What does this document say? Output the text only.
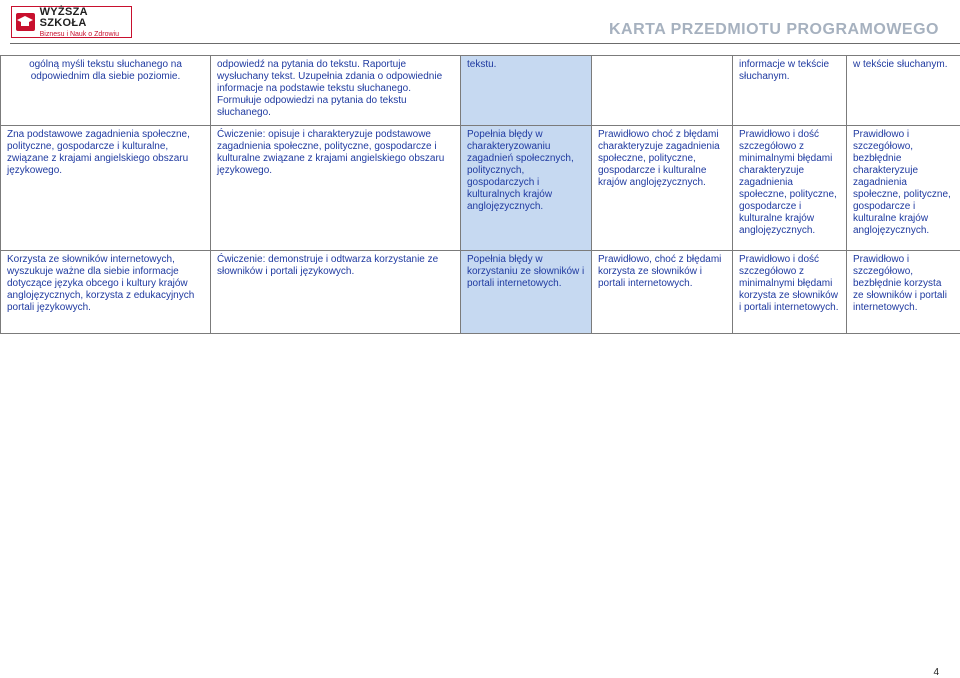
WYŻSZA SZKOŁA
Biznesu i Nauk o Zdrowiu	KARTA PRZEDMIOTU PROGRAMOWEGO
ogólną myśli tekstu słuchanego na odpowiednim dla siebie poziomie.	odpowiedź na pytania do tekstu. Raportuje wysłuchany tekst. Uzupełnia zdania o odpowiednie informacje na podstawie tekstu słuchanego. Formułuje odpowiedzi na pytania do tekstu słuchanego.	tekstu.		informacje w tekście słuchanym.	w tekście słuchanym.
Zna podstawowe zagadnienia społeczne, polityczne, gospodarcze i kulturalne, związane z krajami angielskiego obszaru językowego.	Ćwiczenie: opisuje i charakteryzuje podstawowe zagadnienia społeczne, polityczne, gospodarcze i kulturalne związane z krajami angielskiego obszaru językowego.	Popełnia błędy w charakteryzowaniu zagadnień społecznych, politycznych, gospodarczych i kulturalnych krajów anglojęzycznych.	Prawidłowo choć z błędami charakteryzuje zagadnienia społeczne, polityczne, gospodarcze i kulturalne krajów anglojęzycznych.	Prawidłowo i dość szczegółowo z minimalnymi błędami charakteryzuje zagadnienia społeczne, polityczne, gospodarcze i kulturalne krajów anglojęzycznych.	Prawidłowo i szczegółowo, bezbłędnie charakteryzuje zagadnienia społeczne, polityczne, gospodarcze i kulturalne krajów anglojęzycznych.
Korzysta ze słowników internetowych, wyszukuje ważne dla siebie informacje dotyczące języka obcego i kultury krajów anglojęzycznych, korzysta z edukacyjnych portali językowych.	Ćwiczenie: demonstruje i odtwarza korzystanie ze słowników i portali językowych.	Popełnia błędy w korzystaniu ze słowników i portali internetowych.	Prawidłowo, choć z błędami korzysta ze słowników i portali internetowych.	Prawidłowo i dość szczegółowo z minimalnymi błędami korzysta ze słowników i portali internetowych.	Prawidłowo i szczegółowo, bezbłędnie korzysta ze słowników i portali internetowych.
4
